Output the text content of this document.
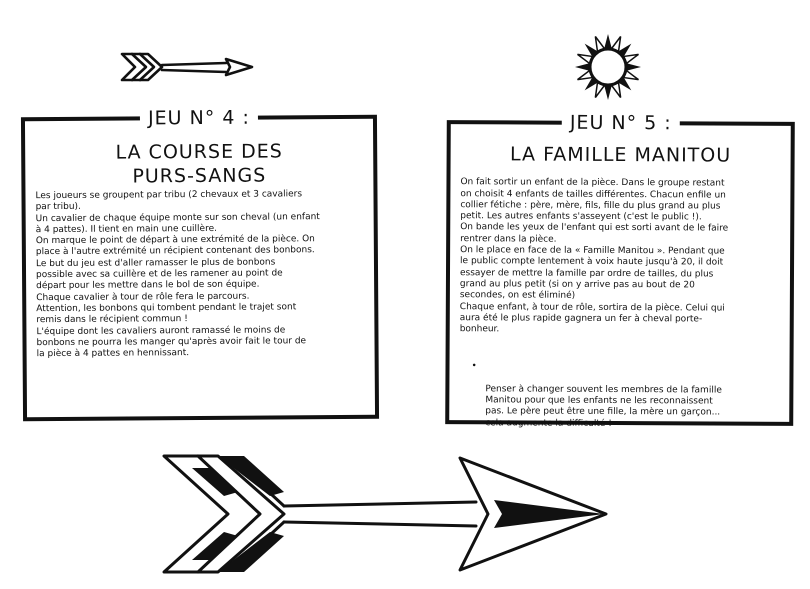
JEU N° 4 :
LA COURSE DES
PURS-SANGS
Les joueurs se groupent par tribu (2 chevaux et 3 cavaliers
par tribu).
Un cavalier de chaque équipe monte sur son cheval (un enfant
à 4 pattes). Il tient en main une cuillère.
On marque le point de départ à une extrémité de la pièce. On
place à l'autre extrémité un récipient contenant des bonbons.
Le but du jeu est d'aller ramasser le plus de bonbons
possible avec sa cuillère et de les ramener au point de
départ pour les mettre dans le bol de son équipe.
Chaque cavalier à tour de rôle fera le parcours.
Attention, les bonbons qui tombent pendant le trajet sont
remis dans le récipient commun !
L'équipe dont les cavaliers auront ramassé le moins de
bonbons ne pourra les manger qu'après avoir fait le tour de
la pièce à 4 pattes en hennissant.
JEU N° 5 :
LA FAMILLE MANITOU

On fait sortir un enfant de la pièce. Dans le groupe restant
on choisit 4 enfants de tailles différentes. Chacun enfile un
collier fétiche : père, mère, fils, fille du plus grand au plus
petit. Les autres enfants s'asseyent (c'est le public !).
On bande les yeux de l'enfant qui est sorti avant de le faire
rentrer dans la pièce.
On le place en face de la « Famille Manitou ». Pendant que
le public compte lentement à voix haute jusqu'à 20, il doit
essayer de mettre la famille par ordre de tailles, du plus
grand au plus petit (si on y arrive pas au bout de 20
secondes, on est éliminé)
Chaque enfant, à tour de rôle, sortira de la pièce. Celui qui
aura été le plus rapide gagnera un fer à cheval porte-
bonheur.

•

Penser à changer souvent les membres de la famille
Manitou pour que les enfants ne les reconnaissent
pas. Le père peut être une fille, la mère un garçon...
cela augmente la difficulté !
